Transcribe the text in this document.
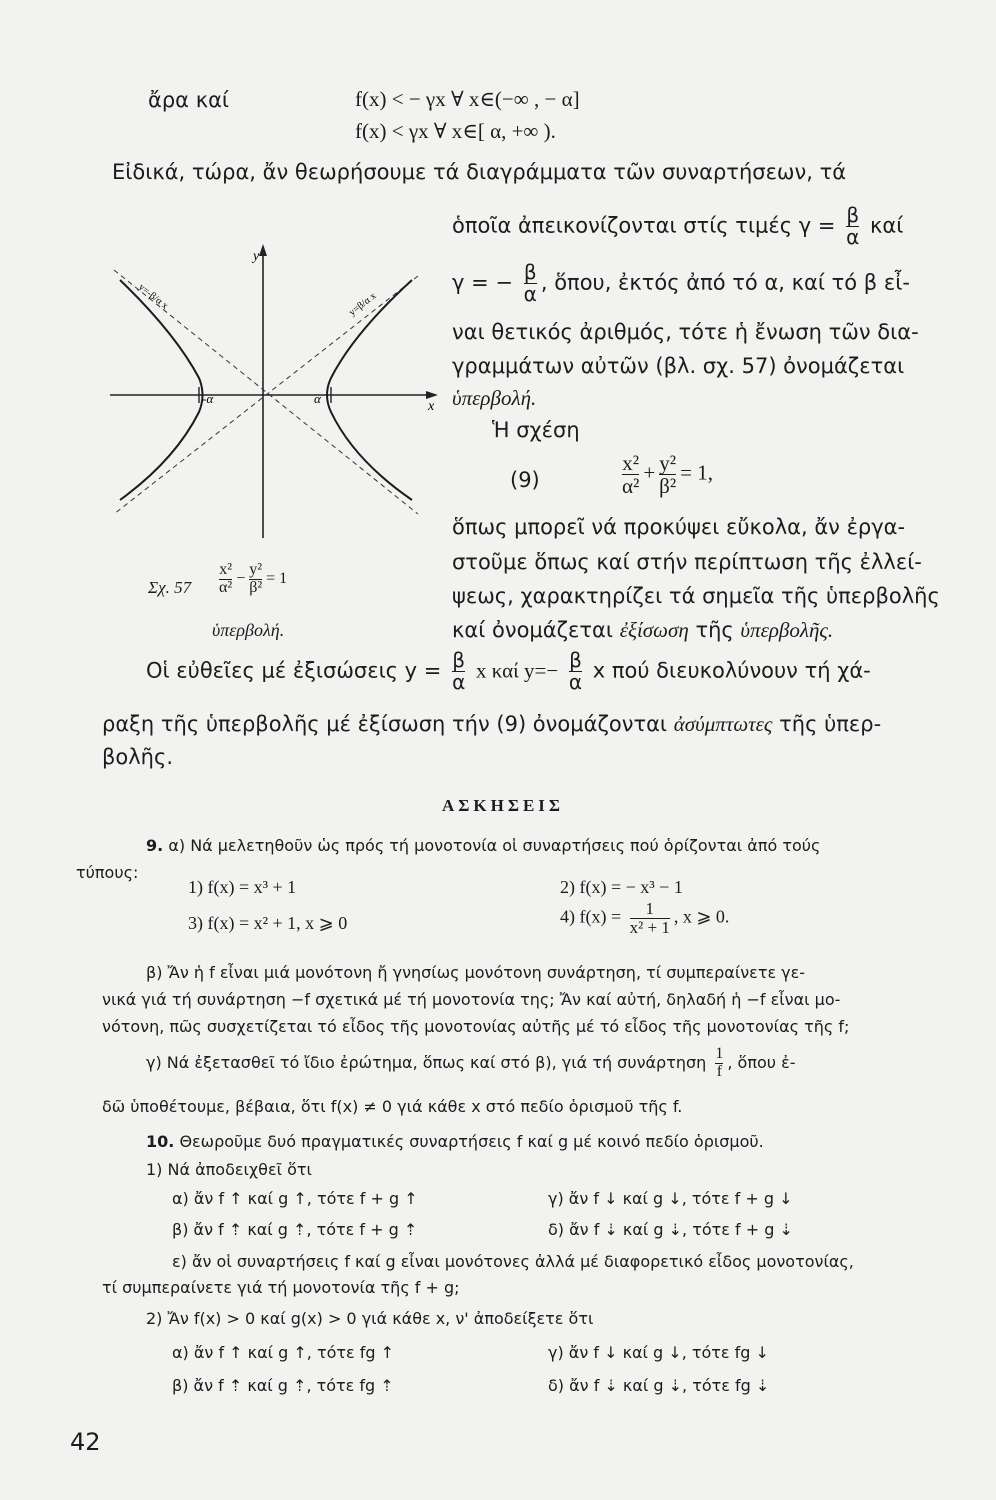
ἄρα καί	f(x) < − γx ∀ x∈(−∞ , − α]
f(x) < γx ∀ x∈[ α, +∞ ).
Εἰδικά, τώρα, ἄν θεωρήσουμε τά διαγράμματα τῶν συναρτήσεων, τά
ὁποῖα ἀπεικονίζονται στίς τιμές $\gamma = \frac{\beta}{\alpha}$ καί
γ = − $\frac{\beta}{\alpha}$ , ὅπου, ἐκτός ἀπό τό α, καί τό β εἶ-
ναι θετικός ἀριθμός, τότε ἡ ἔνωση τῶν δια-
γραμμάτων αὐτῶν (βλ. σχ. 57) ὀνομάζεται
ὑπερβολή.
Ἡ σχέση
(9)	$\frac{\text{x²}}{\text{α²}} + \frac{\text{y²}}{\text{β²}} = 1$,
ὅπως μπορεῖ νά προκύψει εὔκολα, ἄν ἐργα-
στοῦμε ὅπως καί στήν περίπτωση τῆς ἐλλεί-
ψεως, χαρακτηρίζει τά σημεῖα τῆς ὑπερβολῆς
καί ὀνομάζεται ἐξίσωση τῆς ὑπερβολῆς.
-α	α
y
x
y=-β/α x	y=β/α x
Σχ. $57 \frac{\text{x²}}{\text{α²}} - \frac{\text{y²}}{\text{β²}} = 1$
ὑπερβολή.
Οἱ εὐθεῖες μέ ἐξισώσεις $y = \frac{\beta}{\alpha}$ x καί $y=- \frac{\beta}{\alpha}$ x πού διευκολύνουν τή χά-
ραξη τῆς ὑπερβολῆς μέ ἐξίσωση τήν (9) ὀνομάζονται ἀσύμπτωτες τῆς ὑπερ-
βολῆς.
ΑΣΚΗΣΕΙΣ
9. α) Νά μελετηθοῦν ὡς πρός τή μονοτονία οἱ συναρτήσεις πού ὁρίζονται ἀπό τούς
τύπους:
1) f(x) = x³ + 1	2) f(x) = − x³ − 1
3) f(x) = x² + 1, x ⩾ 0	4) $f(x) = \frac{1}{\text{x² + 1}}$ , x ⩾ 0.
β) Ἄν ἡ f εἶναι μιά μονότονη ἤ γνησίως μονότονη συνάρτηση, τί συμπεραίνετε γε-
νικά γιά τή συνάρτηση −f σχετικά μέ τή μονοτονία της; Ἄν καί αὐτή, δηλαδή ἡ −f εἶναι μο-
νότονη, πῶς συσχετίζεται τό εἶδος τῆς μονοτονίας αὐτῆς μέ τό εἶδος τῆς μονοτονίας τῆς f;
γ) Νά ἐξετασθεῖ τό ἴδιο ἐρώτημα, ὅπως καί στό β), γιά τή συνάρτηση $\frac{1}{f}$ , ὅπου ἐ-
δῶ ὑποθέτουμε, βέβαια, ὅτι f(x) ≠ 0 γιά κάθε x στό πεδίο ὁρισμοῦ τῆς f.
10. Θεωροῦμε δυό πραγματικές συναρτήσεις f καί g μέ κοινό πεδίο ὁρισμοῦ.
1) Νά ἀποδειχθεῖ ὅτι
α) ἄν f ↑ καί g ↑, τότε f + g ↑	γ) ἄν f ↓ καί g ↓, τότε f + g ↓
β) ἄν f ⇡ καί g ⇡, τότε f + g ⇡	δ) ἄν f ⇣ καί g ⇣, τότε f + g ⇣
ε) ἄν οἱ συναρτήσεις f καί g εἶναι μονότονες ἀλλά μέ διαφορετικό εἶδος μονοτονίας,
τί συμπεραίνετε γιά τή μονοτονία τῆς f + g;
2) Ἄν f(x) > 0 καί g(x) > 0 γιά κάθε x, ν' ἀποδείξετε ὅτι
α) ἄν f ↑ καί g ↑, τότε fg ↑	γ) ἄν f ↓ καί g ↓, τότε fg ↓
β) ἄν f ⇡ καί g ⇡, τότε fg ⇡	δ) ἄν f ⇣ καί g ⇣, τότε fg ⇣
42
